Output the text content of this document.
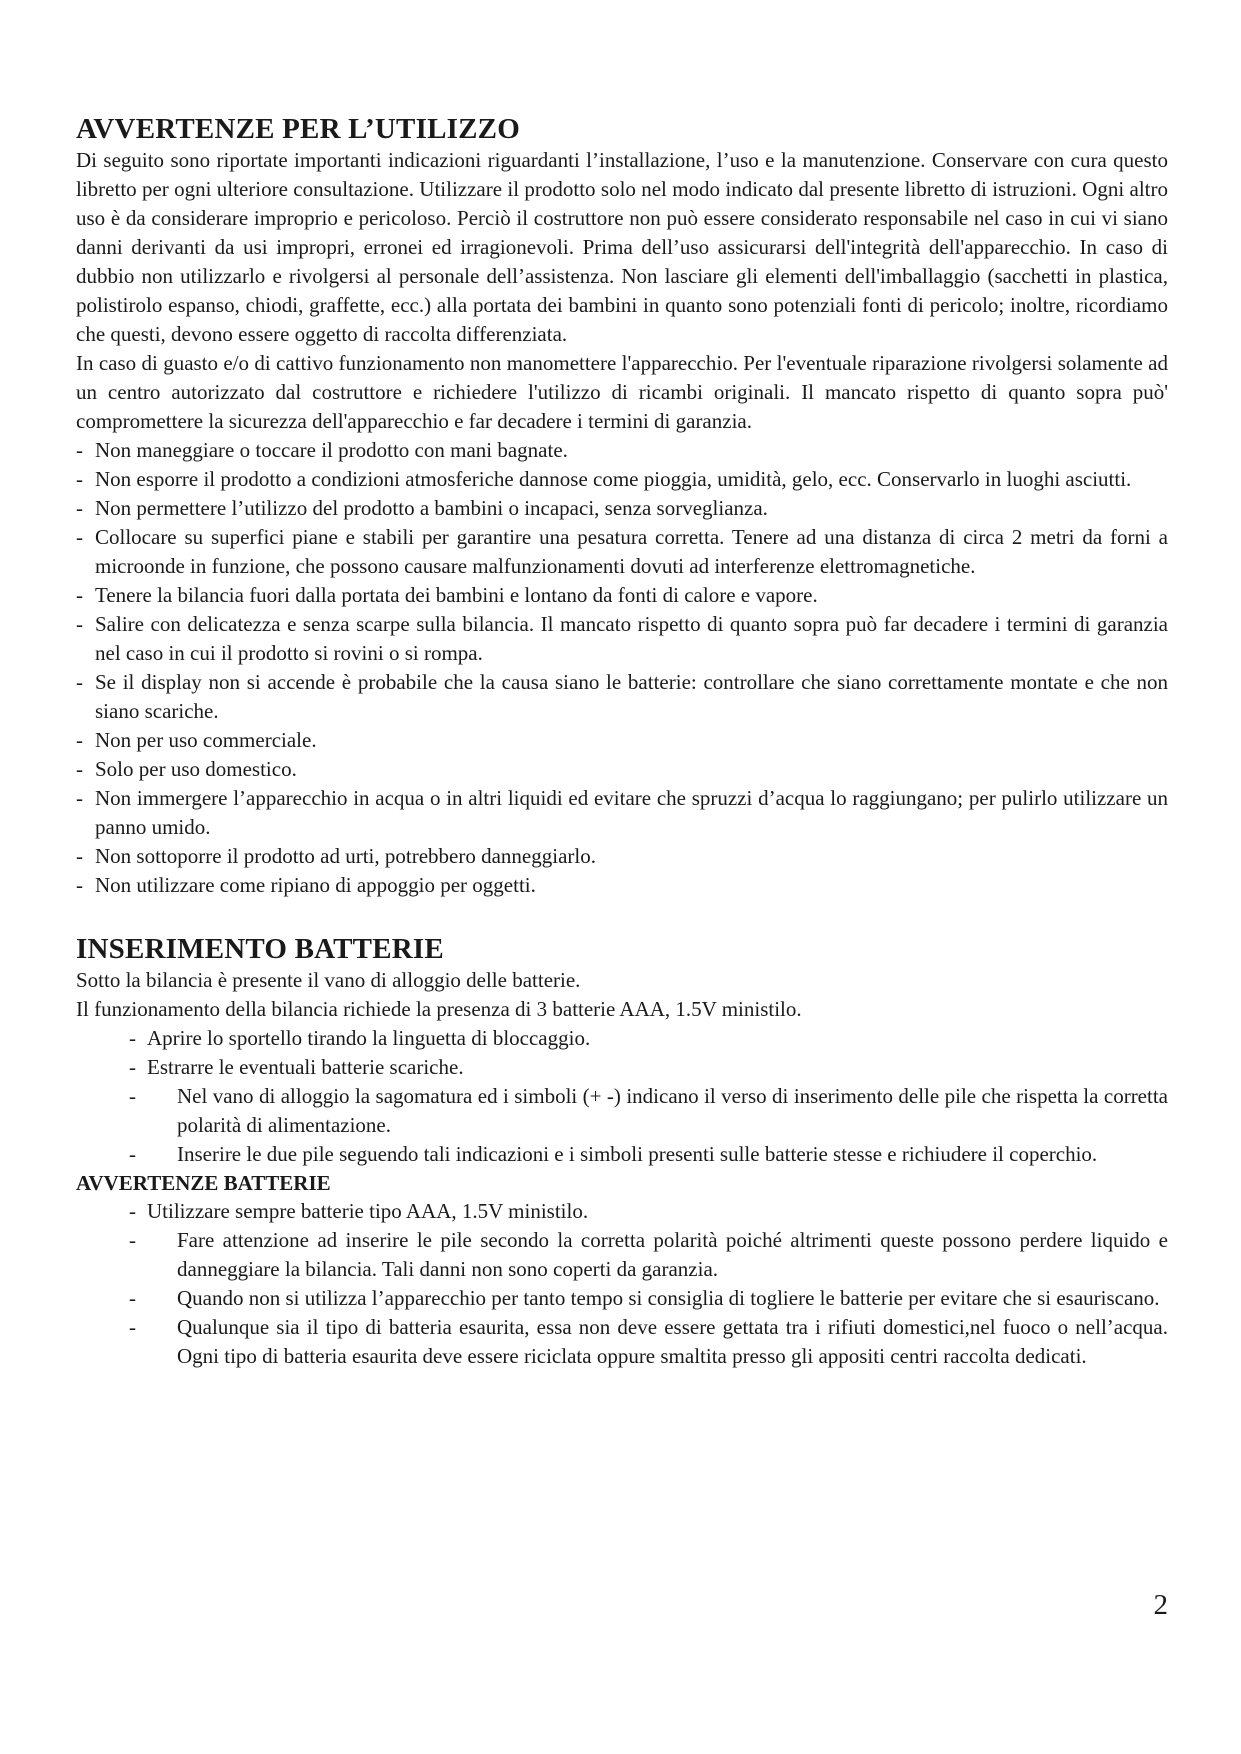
AVVERTENZE PER L’UTILIZZO

Di seguito sono riportate importanti indicazioni riguardanti l’installazione, l’uso e la manutenzione. Conservare con cura questo libretto per ogni ulteriore consultazione. Utilizzare il prodotto solo nel modo indicato dal presente libretto di istruzioni. Ogni altro uso è da considerare improprio e pericoloso. Perciò il costruttore non può essere considerato responsabile nel caso in cui vi siano danni derivanti da usi impropri, erronei ed irragionevoli. Prima dell’uso assicurarsi dell'integrità dell'apparecchio. In caso di dubbio non utilizzarlo e rivolgersi al personale dell’assistenza. Non lasciare gli elementi dell'imballaggio (sacchetti in plastica, polistirolo espanso, chiodi, graffette, ecc.) alla portata dei bambini in quanto sono potenziali fonti di pericolo; inoltre, ricordiamo che questi, devono essere oggetto di raccolta differenziata.

In caso di guasto e/o di cattivo funzionamento non manomettere l'apparecchio. Per l'eventuale riparazione rivolgersi solamente ad un centro autorizzato dal costruttore e richiedere l'utilizzo di ricambi originali. Il mancato rispetto di quanto sopra può' compromettere la sicurezza dell'apparecchio e far decadere i termini di garanzia.

- Non maneggiare o toccare il prodotto con mani bagnate.
- Non esporre il prodotto a condizioni atmosferiche dannose come pioggia, umidità, gelo, ecc. Conservarlo in luoghi asciutti.
- Non permettere l’utilizzo del prodotto a bambini o incapaci, senza sorveglianza.
- Collocare su superfici piane e stabili per garantire una pesatura corretta. Tenere ad una distanza di circa 2 metri da forni a microonde in funzione, che possono causare malfunzionamenti dovuti ad interferenze elettromagnetiche.
- Tenere la bilancia fuori dalla portata dei bambini e lontano da fonti di calore e vapore.
- Salire con delicatezza e senza scarpe sulla bilancia. Il mancato rispetto di quanto sopra può far decadere i termini di garanzia nel caso in cui il prodotto si rovini o si rompa.
- Se il display non si accende è probabile che la causa siano le batterie: controllare che siano correttamente montate e che non siano scariche.
- Non per uso commerciale.
- Solo per uso domestico.
- Non immergere l’apparecchio in acqua o in altri liquidi ed evitare che spruzzi d’acqua lo raggiungano; per pulirlo utilizzare un panno umido.
- Non sottoporre il prodotto ad urti, potrebbero danneggiarlo.
- Non utilizzare come ripiano di appoggio per oggetti.
INSERIMENTO BATTERIE

Sotto la bilancia è presente il vano di alloggio delle batterie.

Il funzionamento della bilancia richiede la presenza di 3 batterie AAA, 1.5V ministilo.

- Aprire lo sportello tirando la linguetta di bloccaggio.
- Estrarre le eventuali batterie scariche.
- Nel vano di alloggio la sagomatura ed i simboli (+ -) indicano il verso di inserimento delle pile che rispetta la corretta polarità di alimentazione.
- Inserire le due pile seguendo tali indicazioni e i simboli presenti sulle batterie stesse e richiudere il coperchio.
AVVERTENZE BATTERIE
- Utilizzare sempre batterie tipo AAA, 1.5V ministilo.
- Fare attenzione ad inserire le pile secondo la corretta polarità poiché altrimenti queste possono perdere liquido e danneggiare la bilancia. Tali danni non sono coperti da garanzia.
- Quando non si utilizza l’apparecchio per tanto tempo si consiglia di togliere le batterie per evitare che si esauriscano.
- Qualunque sia il tipo di batteria esaurita, essa non deve essere gettata tra i rifiuti domestici,nel fuoco o nell’acqua. Ogni tipo di batteria esaurita deve essere riciclata oppure smaltita presso gli appositi centri raccolta dedicati.
2
